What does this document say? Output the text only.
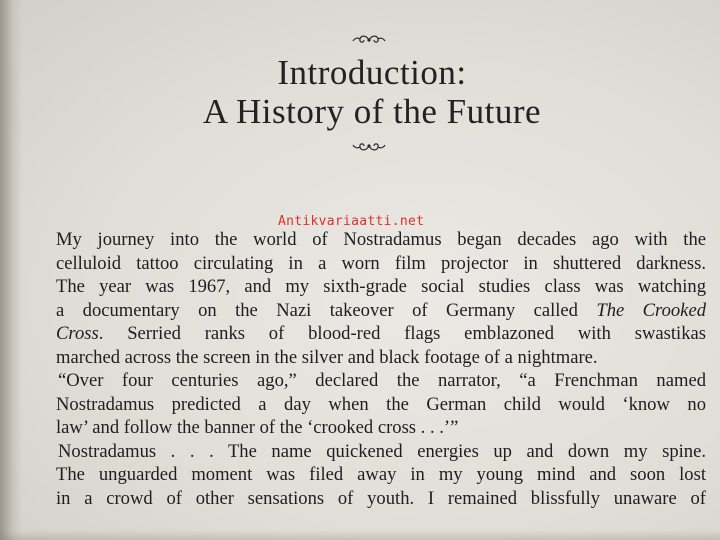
Introduction:
A History of the Future
Antikvariaatti.net
My journey into the world of Nostradamus began decades ago with the
celluloid tattoo circulating in a worn film projector in shuttered darkness.
The year was 1967, and my sixth-grade social studies class was watching
a documentary on the Nazi takeover of Germany called The Crooked
Cross. Serried ranks of blood-red flags emblazoned with swastikas
marched across the screen in the silver and black footage of a nightmare.
“Over four centuries ago,” declared the narrator, “a Frenchman named
Nostradamus predicted a day when the German child would ‘know no
law’ and follow the banner of the ‘crooked cross . . .’”
Nostradamus . . . The name quickened energies up and down my spine.
The unguarded moment was filed away in my young mind and soon lost
in a crowd of other sensations of youth. I remained blissfully unaware of
